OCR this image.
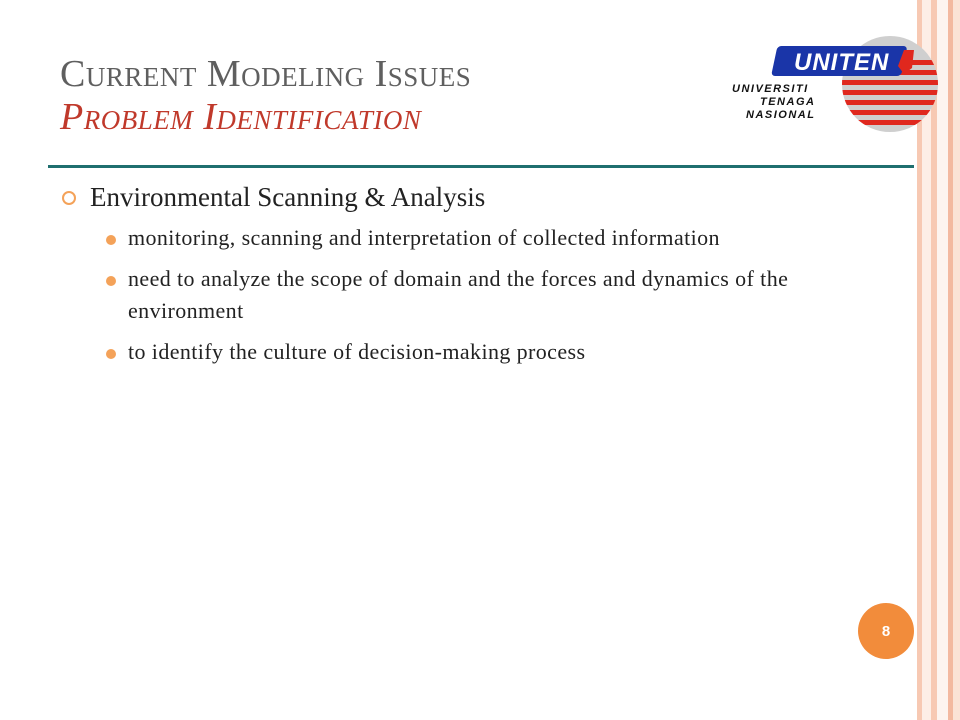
Current Modeling Issues
Problem Identification
UNITEN
UNIVERSITI
TENAGA
NASIONAL
Environmental Scanning & Analysis
monitoring, scanning and interpretation of collected information
need to analyze the scope of domain and the forces and dynamics of the environment
to identify the culture of decision-making process
8
